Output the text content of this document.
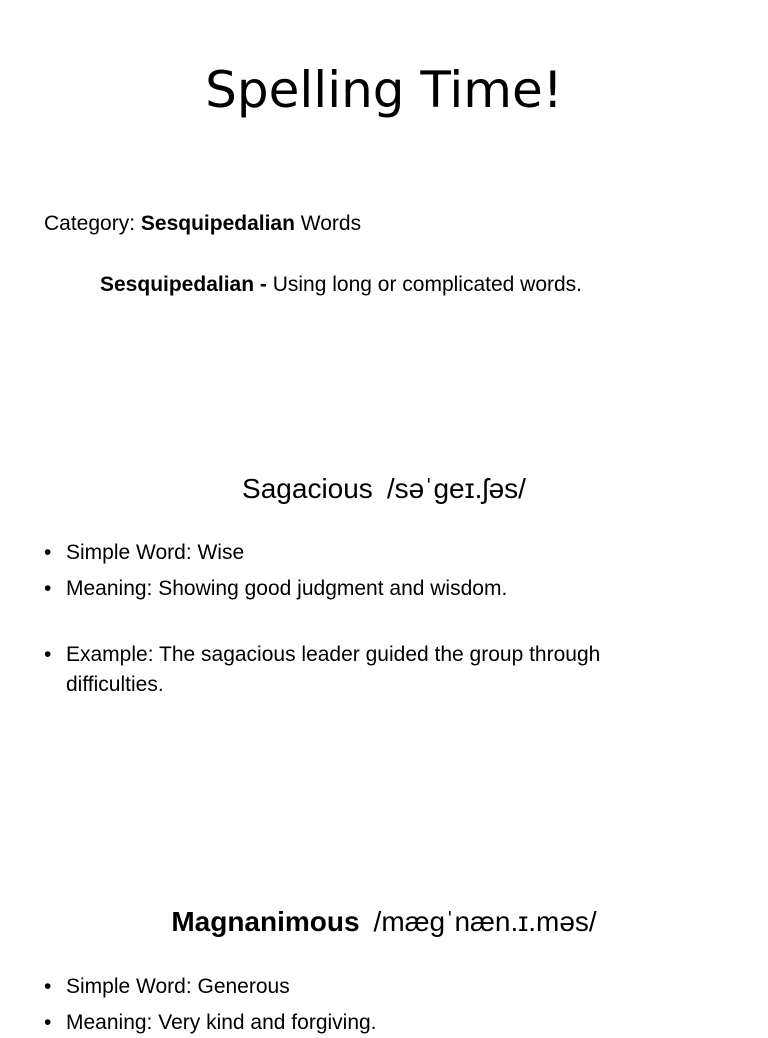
Spelling Time!
Category: Sesquipedalian Words
Sesquipedalian - Using long or complicated words.
Sagacious /səˈɡeɪ.ʃəs/
• Simple Word: Wise
• Meaning: Showing good judgment and wisdom.
• Example: The sagacious leader guided the group through difficulties.
Magnanimous /mæɡˈnæn.ɪ.məs/
• Simple Word: Generous
• Meaning: Very kind and forgiving.
